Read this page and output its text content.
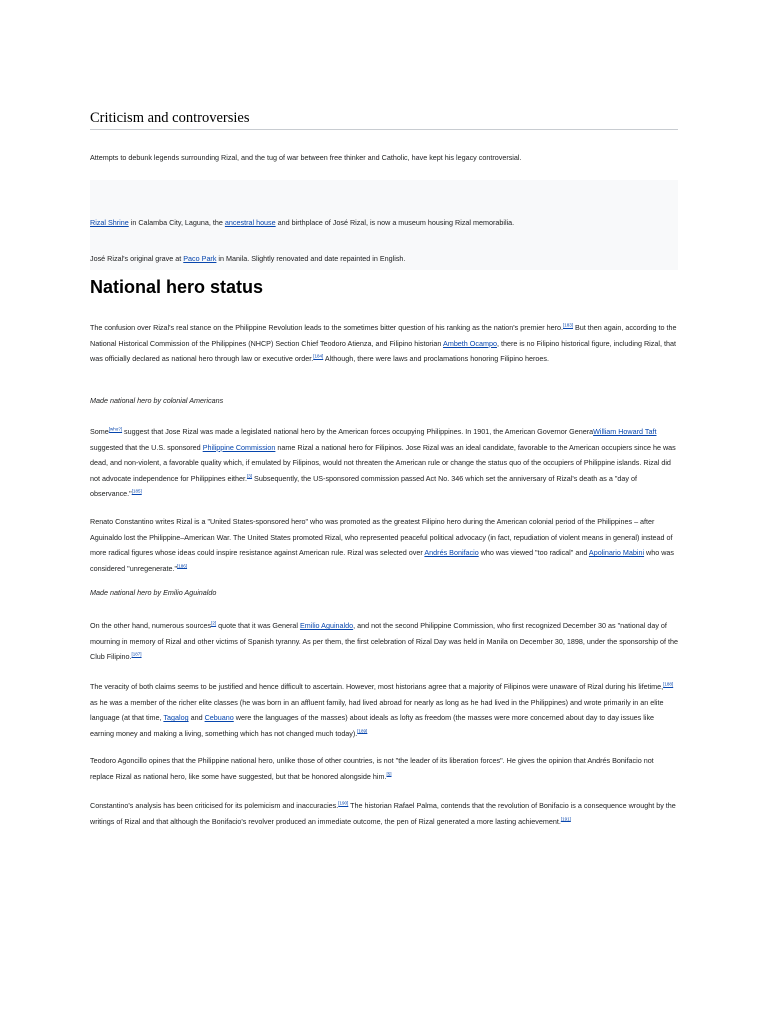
Criticism and controversies

Attempts to debunk legends surrounding Rizal, and the tug of war between free thinker and Catholic, have kept his legacy controversial.

Rizal Shrine in Calamba City, Laguna, the ancestral house and birthplace of José Rizal, is now a museum housing Rizal memorabilia.

José Rizal's original grave at Paco Park in Manila. Slightly renovated and date repainted in English.

National hero status

The confusion over Rizal's real stance on the Philippine Revolution leads to the sometimes bitter question of his ranking as the nation's premier hero.[183] But then again, according to the National Historical Commission of the Philippines (NHCP) Section Chief Teodoro Atienza, and Filipino historian Ambeth Ocampo, there is no Filipino historical figure, including Rizal, that was officially declared as national hero through law or executive order.[184] Although, there were laws and proclamations honoring Filipino heroes.

Made national hero by colonial Americans

Some[who?] suggest that Jose Rizal was made a legislated national hero by the American forces occupying Philippines. In 1901, the American Governor GeneraWilliam Howard Taft suggested that the U.S. sponsored Philippine Commission name Rizal a national hero for Filipinos. Jose Rizal was an ideal candidate, favorable to the American occupiers since he was dead, and non-violent, a favorable quality which, if emulated by Filipinos, would not threaten the American rule or change the status quo of the occupiers of Philippine islands. Rizal did not advocate independence for Philippines either.[3] Subsequently, the US-sponsored commission passed Act No. 346 which set the anniversary of Rizal's death as a "day of observance."[185]

Renato Constantino writes Rizal is a "United States-sponsored hero" who was promoted as the greatest Filipino hero during the American colonial period of the Philippines – after Aguinaldo lost the Philippine–American War. The United States promoted Rizal, who represented peaceful political advocacy (in fact, repudiation of violent means in general) instead of more radical figures whose ideas could inspire resistance against American rule. Rizal was selected over Andrés Bonifacio who was viewed "too radical" and Apolinario Mabini who was considered "unregenerate."[186]

Made national hero by Emilio Aguinaldo

On the other hand, numerous sources[2] quote that it was General Emilio Aguinaldo, and not the second Philippine Commission, who first recognized December 30 as "national day of mourning in memory of Rizal and other victims of Spanish tyranny. As per them, the first celebration of Rizal Day was held in Manila on December 30, 1898, under the sponsorship of the Club Filipino.[187]

The veracity of both claims seems to be justified and hence difficult to ascertain. However, most historians agree that a majority of Filipinos were unaware of Rizal during his lifetime,[188] as he was a member of the richer elite classes (he was born in an affluent family, had lived abroad for nearly as long as he had lived in the Philippines) and wrote primarily in an elite language (at that time, Tagalog and Cebuano were the languages of the masses) about ideals as lofty as freedom (the masses were more concerned about day to day issues like earning money and making a living, something which has not changed much today).[189]

Teodoro Agoncillo opines that the Philippine national hero, unlike those of other countries, is not "the leader of its liberation forces". He gives the opinion that Andrés Bonifacio not replace Rizal as national hero, like some have suggested, but that be honored alongside him.[5]

Constantino's analysis has been criticised for its polemicism and inaccuracies.[190] The historian Rafael Palma, contends that the revolution of Bonifacio is a consequence wrought by the writings of Rizal and that although the Bonifacio's revolver produced an immediate outcome, the pen of Rizal generated a more lasting achievement.[191]
